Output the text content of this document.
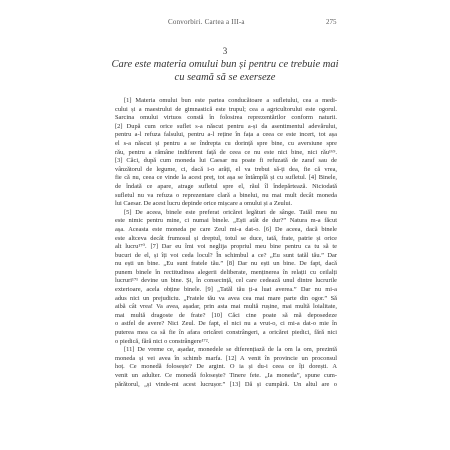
Convorbiri. Cartea a III-a	275
3
Care este materia omului bun și pentru ce trebuie mai
cu seamă să se exerseze
[1] Materia omului bun este partea conducătoare a sufletului, cea a medi-
cului și a maestrului de gimnastică este trupul; cea a agricultorului este ogorul.
Sarcina omului virtuos constă în folosirea reprezentărilor conform naturii.
[2] După cum orice suflet s-a născut pentru a-și da asentimentul adevărului,
pentru a-l refuza falsului, pentru a-l reține în fața a ceea ce este incert, tot așa
el s-a născut și pentru a se îndrepta cu dorință spre bine, cu aversiune spre
rău, pentru a rămâne indiferent față de ceea ce nu este nici bine, nici rău¹⁶⁹.
[3] Căci, după cum moneda lui Caesar nu poate fi refuzată de zaraf sau de
vânzătorul de legume, ci, dacă i-o arăți, el va trebui să-ți dea, fie că vrea,
fie că nu, ceea ce vinde la acest preț, tot așa se întâmplă și cu sufletul. [4] Binele,
de îndată ce apare, atrage sufletul spre el, răul îl îndepărtează. Niciodată
sufletul nu va refuza o reprezentare clară a binelui, nu mai mult decât moneda
lui Caesar. De acest lucru depinde orice mișcare a omului și a Zeului.
[5] De aceea, binele este preferat oricărei legături de sânge. Tatăl meu nu
este nimic pentru mine, ci numai binele. „Ești atât de dur?” Natura m-a făcut
așa. Aceasta este moneda pe care Zeul mi-a dat-o. [6] De aceea, dacă binele
este altceva decât frumosul și dreptul, totul se duce, tată, frate, patrie și orice
alt lucru¹⁷⁰. [7] Dar eu îmi voi neglija propriul meu bine pentru ca tu să te
bucuri de el, și îți voi ceda locul? În schimbul a ce? „Eu sunt tatăl tău.” Dar
nu ești un bine. „Eu sunt fratele tău.” [8] Dar nu ești un bine. De fapt, dacă
punem binele în rectitudinea alegerii deliberate, menținerea în relații cu ceilalți
lucruri¹⁷¹ devine un bine. Și, în consecință, cel care cedează unul dintre lucrurile
exterioare, acela obține binele. [9] „Tatăl tău ți-a luat averea.” Dar nu mi-a
adus nici un prejudiciu. „Fratele tău va avea cea mai mare parte din ogor.” Să
aibă cât vrea! Va avea, așadar, prin asta mai multă rușine, mai multă loialitate,
mai multă dragoste de frate? [10] Căci cine poate să mă deposedeze
o astfel de avere? Nici Zeul. De fapt, el nici nu a vrut-o, ci mi-a dat-o mie în
puterea mea ca să fie în afara oricărei constrângeri, a oricărei piedici, fără nici
o piedică, fără nici o constrângere¹⁷².
[11] De vreme ce, așadar, monedele se diferențiază de la om la om, prezintă
moneda și vei avea în schimb marfa. [12] A venit în provincie un proconsul
hoț. Ce monedă folosește? De argint. O ia și du-i ceea ce îți dorești. A
venit un adulter. Ce monedă folosește? Tinere fete. „Ia moneda”, spune cum-
părătorul, „și vinde-mi acest lucrușor.” [13] Dă și cumpără. Un altul are o
